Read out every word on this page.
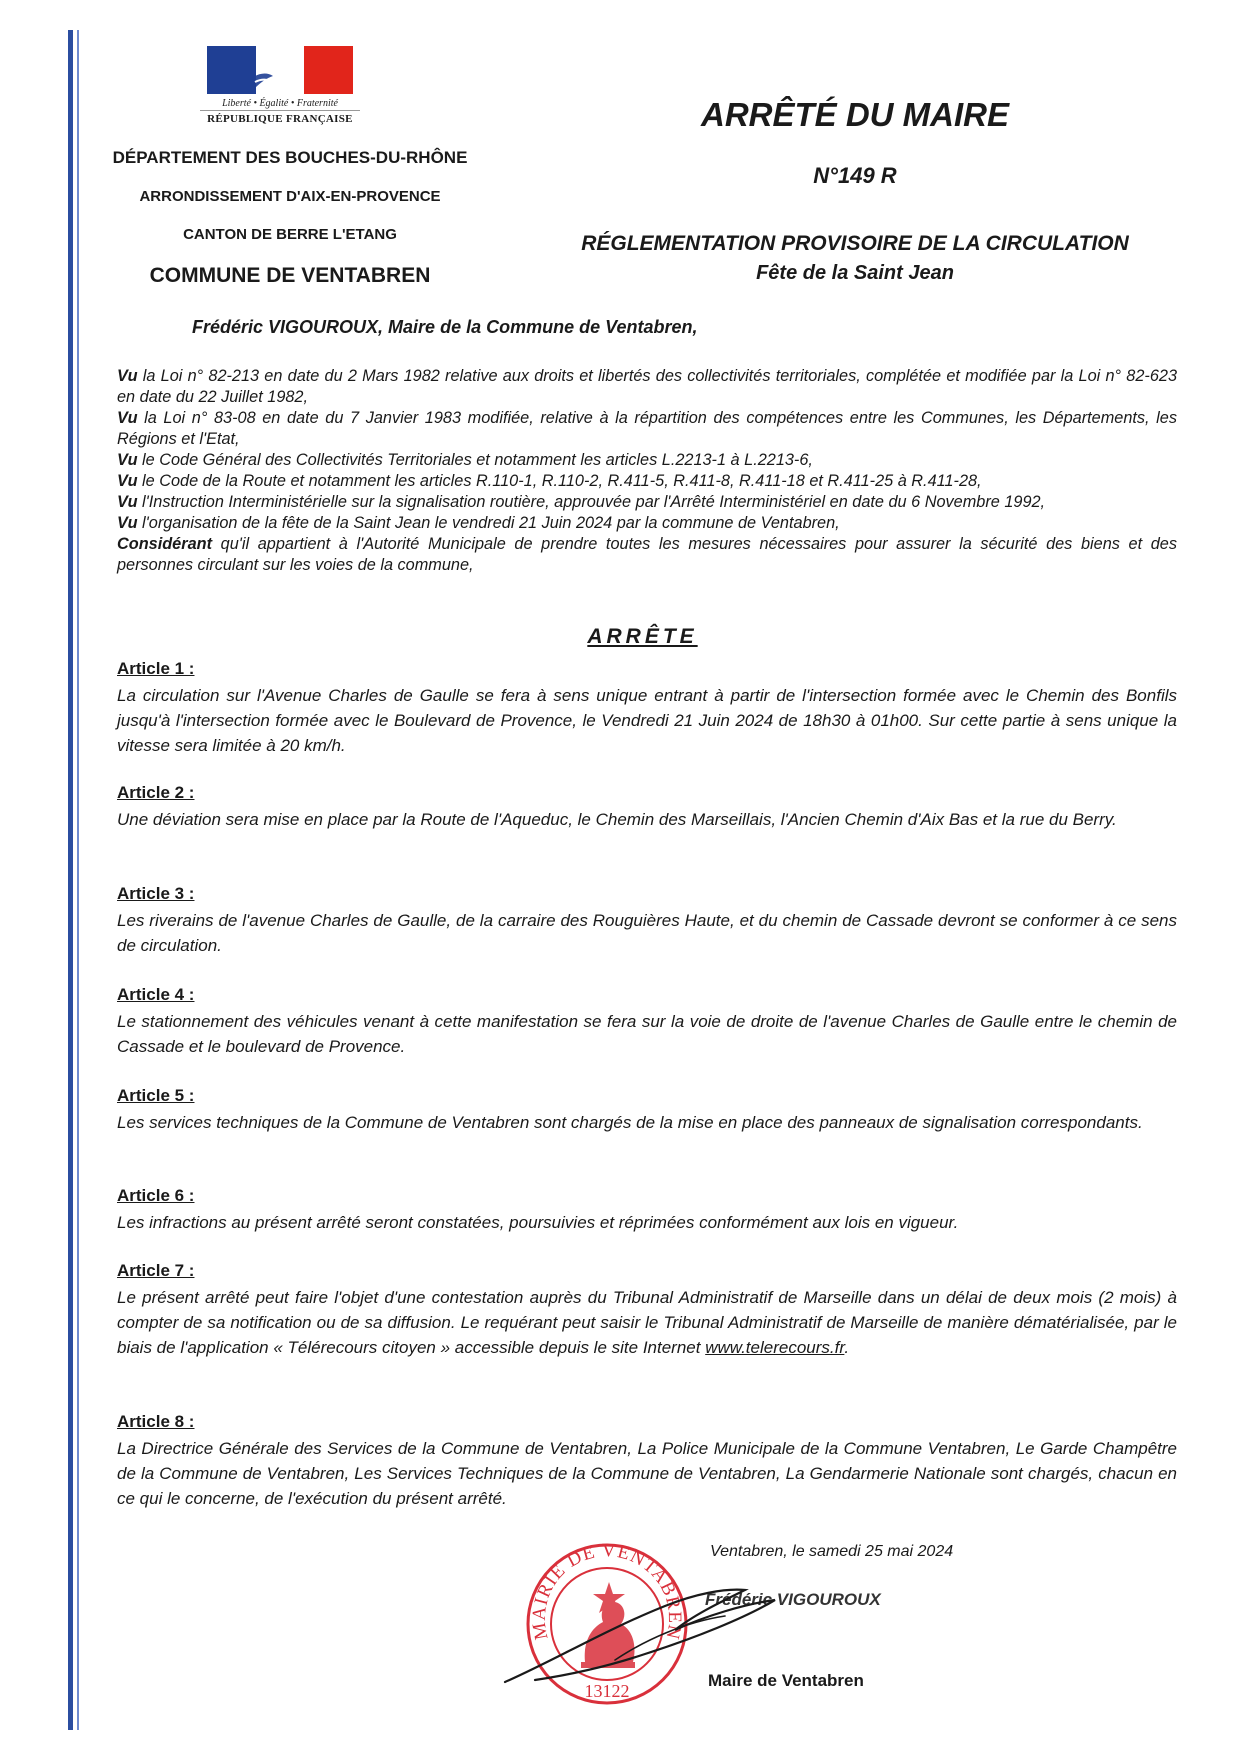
Liberté • Égalité • Fraternité
RÉPUBLIQUE FRANÇAISE
DÉPARTEMENT DES BOUCHES-DU-RHÔNE
ARRONDISSEMENT D'AIX-EN-PROVENCE
CANTON DE BERRE L'ETANG
COMMUNE DE VENTABREN
ARRÊTÉ DU MAIRE
N°149 R
RÉGLEMENTATION PROVISOIRE DE LA CIRCULATION
Fête de la Saint Jean
Frédéric VIGOUROUX, Maire de la Commune de Ventabren,

Vu la Loi n° 82-213 en date du 2 Mars 1982 relative aux droits et libertés des collectivités territoriales, complétée et modifiée par la Loi n° 82-623 en date du 22 Juillet 1982,

Vu la Loi n° 83-08 en date du 7 Janvier 1983 modifiée, relative à la répartition des compétences entre les Communes, les Départements, les Régions et l'Etat,

Vu le Code Général des Collectivités Territoriales et notamment les articles L.2213-1 à L.2213-6,

Vu le Code de la Route et notamment les articles R.110-1, R.110-2, R.411-5, R.411-8, R.411-18 et R.411-25 à R.411-28,

Vu l'Instruction Interministérielle sur la signalisation routière, approuvée par l'Arrêté Interministériel en date du 6 Novembre 1992,

Vu l'organisation de la fête de la Saint Jean le vendredi 21 Juin 2024 par la commune de Ventabren,

Considérant qu'il appartient à l'Autorité Municipale de prendre toutes les mesures nécessaires pour assurer la sécurité des biens et des personnes circulant sur les voies de la commune,

ARRÊTE

Article 1 :

La circulation sur l'Avenue Charles de Gaulle se fera à sens unique entrant à partir de l'intersection formée avec le Chemin des Bonfils jusqu'à l'intersection formée avec le Boulevard de Provence, le Vendredi 21 Juin 2024 de 18h30 à 01h00. Sur cette partie à sens unique la vitesse sera limitée à 20 km/h.

Article 2 :

Une déviation sera mise en place par la Route de l'Aqueduc, le Chemin des Marseillais, l'Ancien Chemin d'Aix Bas et la rue du Berry.

Article 3 :

Les riverains de l'avenue Charles de Gaulle, de la carraire des Rouguières Haute, et du chemin de Cassade devront se conformer à ce sens de circulation.

Article 4 :

Le stationnement des véhicules venant à cette manifestation se fera sur la voie de droite de l'avenue Charles de Gaulle entre le chemin de Cassade et le boulevard de Provence.

Article 5 :

Les services techniques de la Commune de Ventabren sont chargés de la mise en place des panneaux de signalisation correspondants.

Article 6 :

Les infractions au présent arrêté seront constatées, poursuivies et réprimées conformément aux lois en vigueur.

Article 7 :

Le présent arrêté peut faire l'objet d'une contestation auprès du Tribunal Administratif de Marseille dans un délai de deux mois (2 mois) à compter de sa notification ou de sa diffusion. Le requérant peut saisir le Tribunal Administratif de Marseille de manière dématérialisée, par le biais de l'application « Télérecours citoyen » accessible depuis le site Internet www.telerecours.fr.

Article 8 :

La Directrice Générale des Services de la Commune de Ventabren, La Police Municipale de la Commune Ventabren, Le Garde Champêtre de la Commune de Ventabren, Les Services Techniques de la Commune de Ventabren, La Gendarmerie Nationale sont chargés, chacun en ce qui le concerne, de l'exécution du présent arrêté.

Ventabren, le samedi 25 mai 2024
Frédéric VIGOUROUX
Maire de Ventabren
MAIRIE DE VENTABREN
13122
